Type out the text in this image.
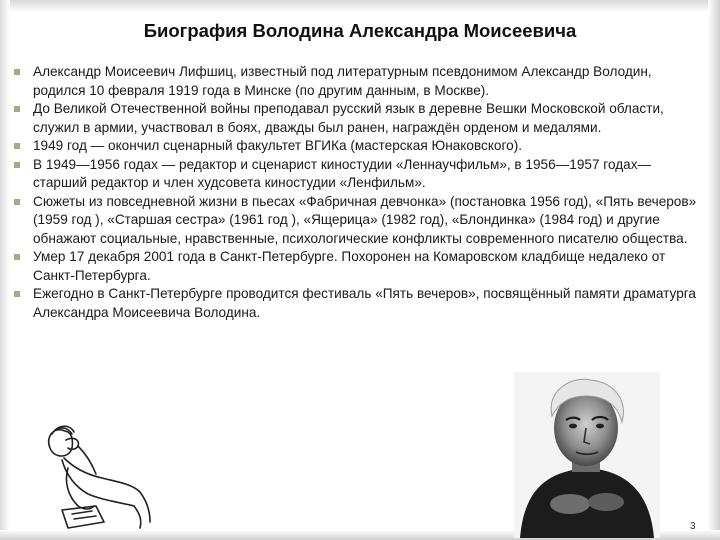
Биография Володина Александра Моисеевича
Александр Моисеевич Лифшиц, известный под литературным псевдонимом Александр Володин, родился 10 февраля 1919 года в Минске (по другим данным, в Москве).
До Великой Отечественной войны преподавал русский язык в деревне Вешки Московской области, служил в армии, участвовал в боях, дважды был ранен, награждён орденом и медалями.
1949 год — окончил сценарный факультет ВГИКа (мастерская Юнаковского).
В 1949—1956 годах — редактор и сценарист киностудии «Леннаучфильм», в 1956—1957 годах— старший редактор и член худсовета киностудии «Ленфильм».
Сюжеты из повседневной жизни в пьесах «Фабричная девчонка» (постановка 1956 год), «Пять вечеров» (1959 год ), «Старшая сестра» (1961 год ), «Ящерица» (1982 год), «Блондинка» (1984 год) и другие обнажают социальные, нравственные, психологические конфликты современного писателю общества.
Умер 17 декабря 2001 года в Санкт-Петербурге. Похоронен на Комаровском кладбище недалеко от Санкт-Петербурга.
Ежегодно в Санкт-Петербурге проводится фестиваль «Пять вечеров», посвящённый памяти драматурга Александра Моисеевича Володина.
3
